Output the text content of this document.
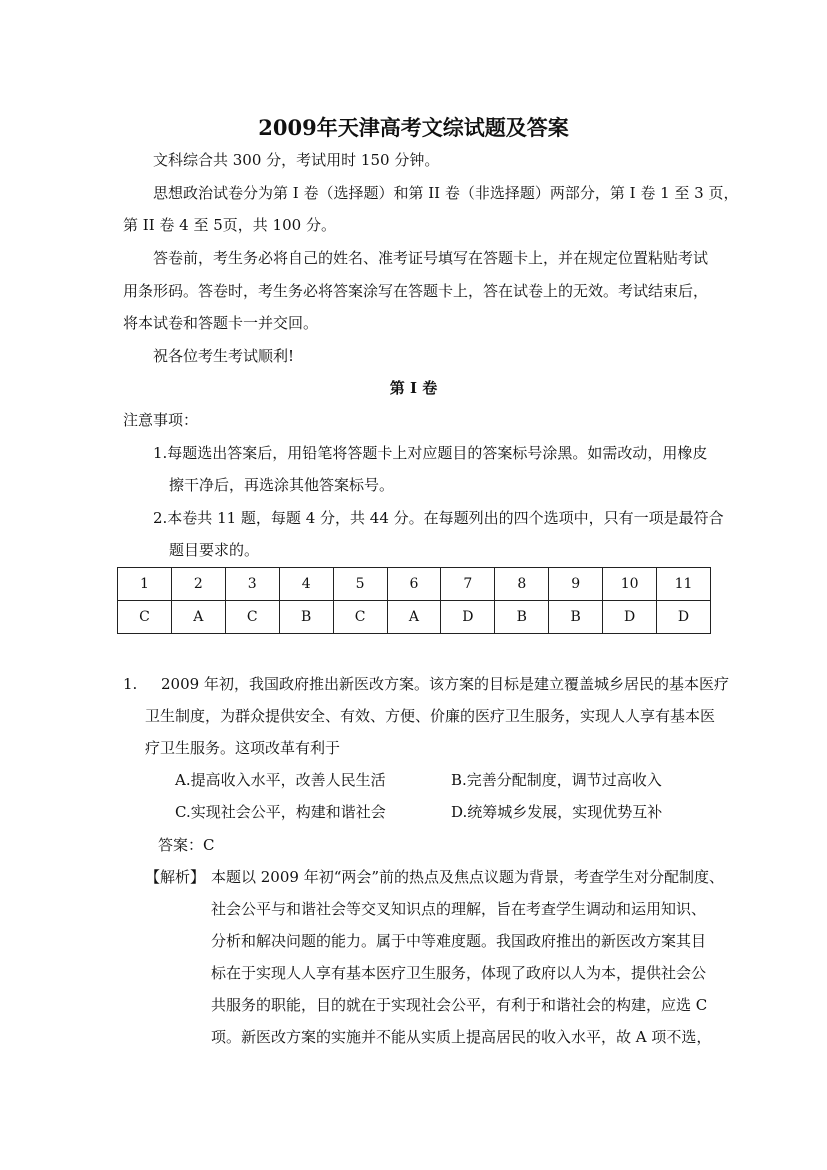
2009年天津高考文综试题及答案
文科综合共 300 分，考试用时 150 分钟。
思想政治试卷分为第 I 卷（选择题）和第 II 卷（非选择题）两部分，第 I 卷 1 至 3 页，
第 II 卷 4 至 5页，共 100 分。
答卷前，考生务必将自己的姓名、准考证号填写在答题卡上，并在规定位置粘贴考试
用条形码。答卷时，考生务必将答案涂写在答题卡上，答在试卷上的无效。考试结束后，
将本试卷和答题卡一并交回。
祝各位考生考试顺利!
第 I 卷
注意事项：
1.每题选出答案后，用铅笔将答题卡上对应题目的答案标号涂黑。如需改动，用橡皮
擦干净后，再选涂其他答案标号。
2.本卷共 11 题，每题 4 分，共 44 分。在每题列出的四个选项中，只有一项是最符合
题目要求的。
1	2	3	4	5	6	7	8	9	10	11
C	A	C	B	C	A	D	B	B	D	D
1. 2009 年初，我国政府推出新医改方案。该方案的目标是建立覆盖城乡居民的基本医疗
卫生制度，为群众提供安全、有效、方便、价廉的医疗卫生服务，实现人人享有基本医
疗卫生服务。这项改革有利于
A.提高收入水平，改善人民生活	B.完善分配制度，调节过高收入
C.实现社会公平，构建和谐社会	D.统筹城乡发展，实现优势互补
答案：C
【解析】 本题以 2009 年初“两会”前的热点及焦点议题为背景，考查学生对分配制度、
社会公平与和谐社会等交叉知识点的理解，旨在考查学生调动和运用知识、
分析和解决问题的能力。属于中等难度题。我国政府推出的新医改方案其目
标在于实现人人享有基本医疗卫生服务，体现了政府以人为本，提供社会公
共服务的职能，目的就在于实现社会公平，有利于和谐社会的构建，应选 C
项。新医改方案的实施并不能从实质上提高居民的收入水平，故 A 项不选，
